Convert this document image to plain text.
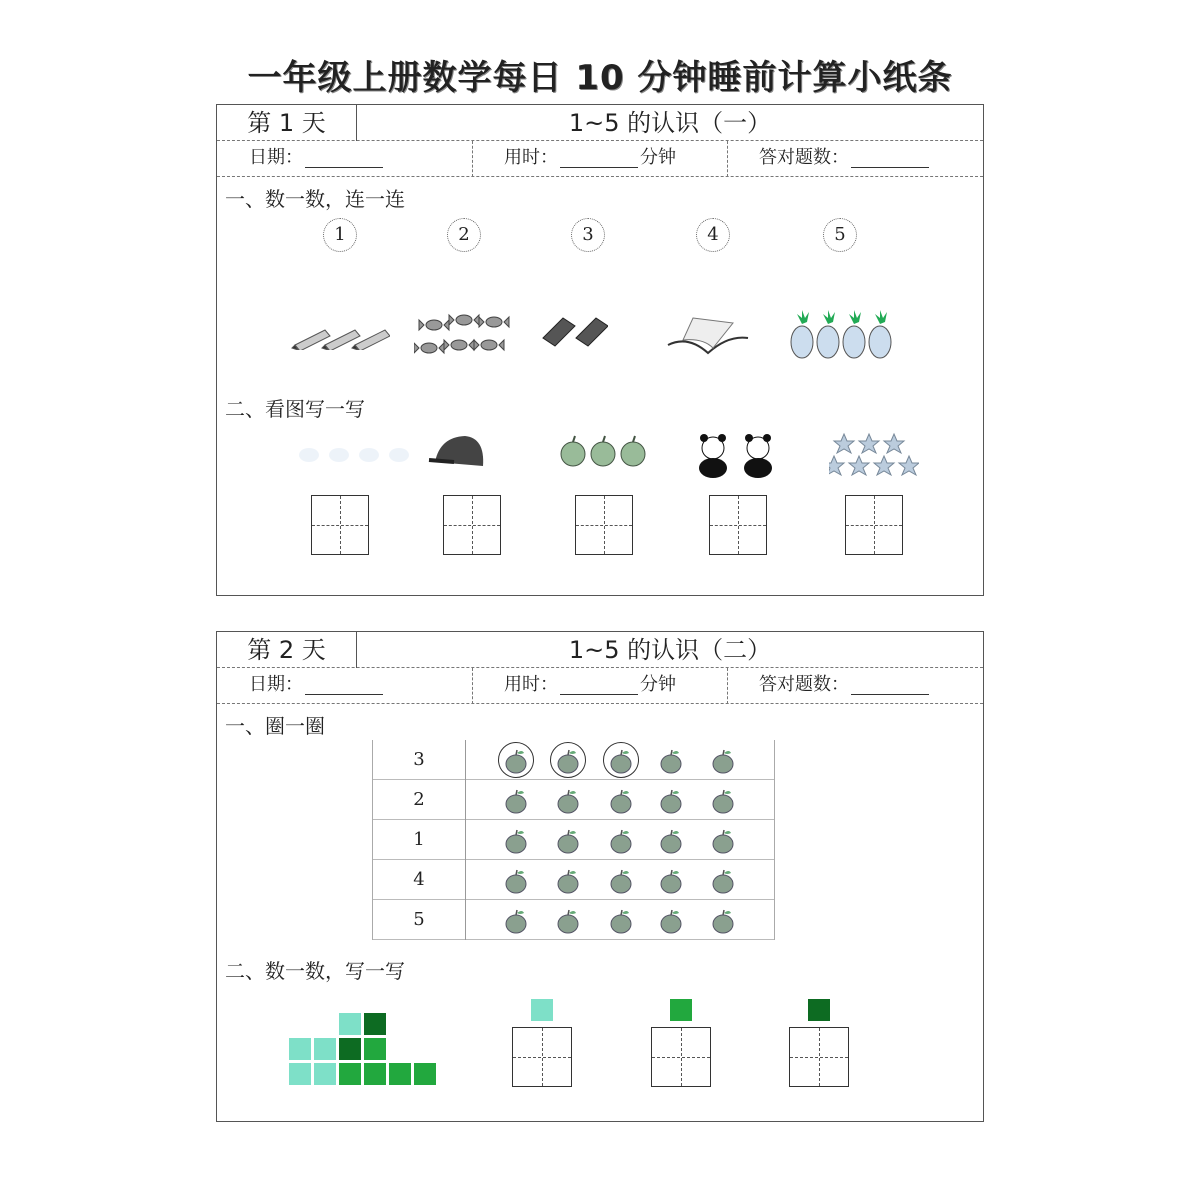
一年级上册数学每日 10 分钟睡前计算小纸条
第 1 天	1~5 的认识（一）
日期：	用时：	分钟	答对题数：
一、数一数，连一连
二、看图写一写
第 2 天	1~5 的认识（二）
日期：	用时：	分钟	答对题数：
一、圈一圈
二、数一数，写一写
3
2
1
4
5
1	2	3	4	5
